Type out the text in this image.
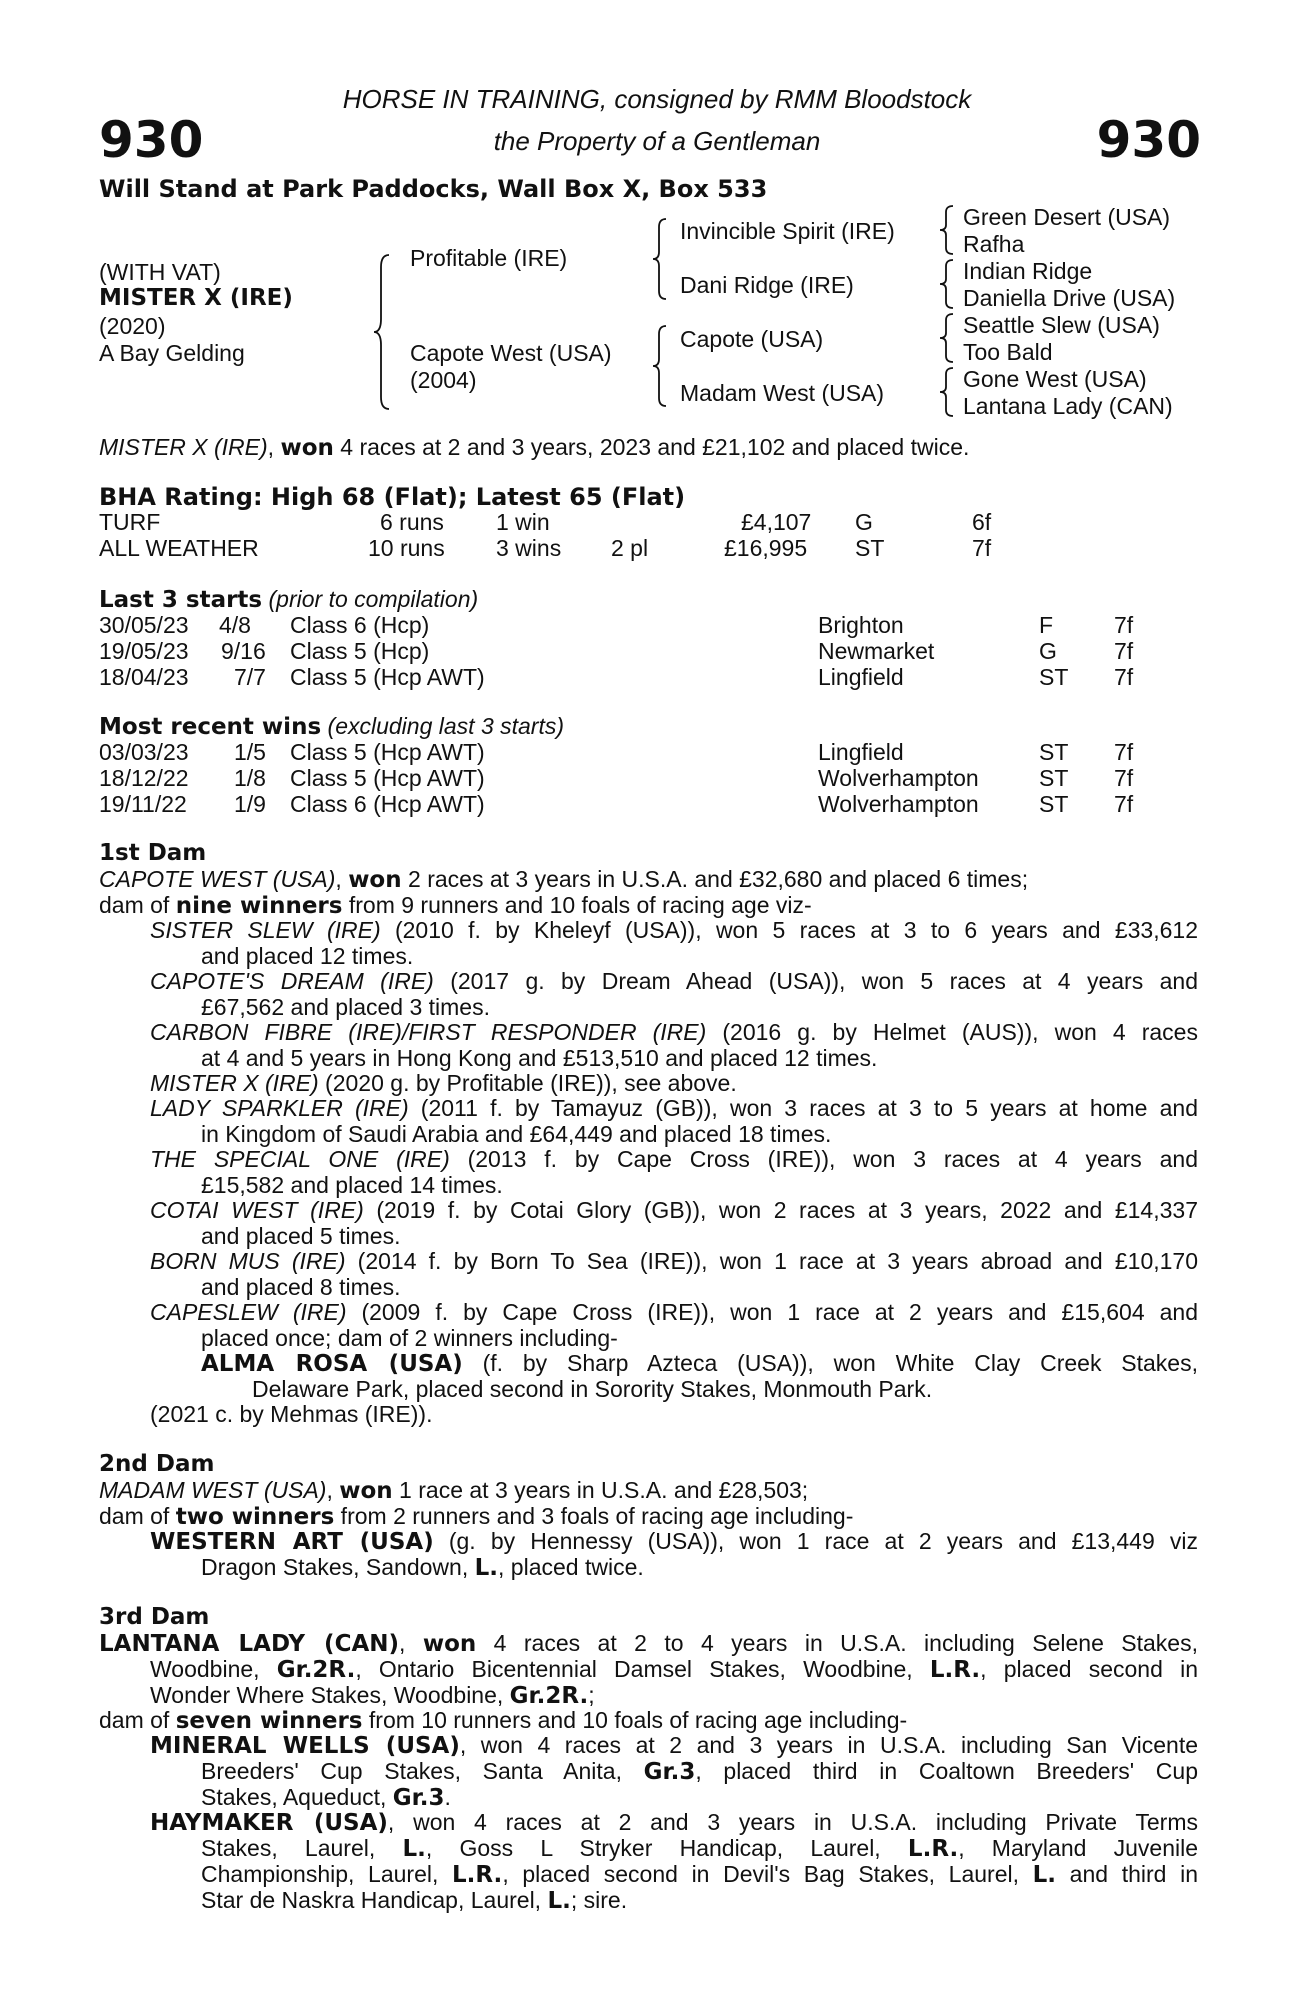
930	930
HORSE IN TRAINING, consigned by RMM Bloodstock
the Property of a Gentleman
Will Stand at Park Paddocks, Wall Box X, Box 533
(WITH VAT)
MISTER X (IRE)
(2020)
A Bay Gelding
Profitable (IRE)
Capote West (USA)
(2004)
Invincible Spirit (IRE)
Dani Ridge (IRE)
Capote (USA)
Madam West (USA)
Green Desert (USA)
Rafha
Indian Ridge
Daniella Drive (USA)
Seattle Slew (USA)
Too Bald
Gone West (USA)
Lantana Lady (CAN)
MISTER X (IRE), won 4 races at 2 and 3 years, 2023 and £21,102 and placed twice.
BHA Rating: High 68 (Flat); Latest 65 (Flat)
TURF	6 runs 1 win	£4,107 G	6f
ALL WEATHER	10 runs 3 wins 2 pl	£16,995 ST	7f
Last 3 starts (prior to compilation)
30/05/23 4/8 Class 6 (Hcp)	Brighton	F	7f
19/05/23 9/16 Class 5 (Hcp)	Newmarket	G 7f
18/04/23 7/7 Class 5 (Hcp AWT)	Lingfield	ST 7f
Most recent wins (excluding last 3 starts)
03/03/23 1/5 Class 5 (Hcp AWT)	Lingfield	ST 7f
18/12/22 1/8 Class 5 (Hcp AWT)	Wolverhampton	ST 7f
19/11/22 1/9 Class 6 (Hcp AWT)	Wolverhampton	ST 7f
1st Dam
CAPOTE WEST (USA), won 2 races at 3 years in U.S.A. and £32,680 and placed 6 times;
dam of nine winners from 9 runners and 10 foals of racing age viz-
SISTER SLEW (IRE) (2010 f. by Kheleyf (USA)), won 5 races at 3 to 6 years and £33,612
and placed 12 times.
CAPOTE'S DREAM (IRE) (2017 g. by Dream Ahead (USA)), won 5 races at 4 years and
£67,562 and placed 3 times.
CARBON FIBRE (IRE)/FIRST RESPONDER (IRE) (2016 g. by Helmet (AUS)), won 4 races
at 4 and 5 years in Hong Kong and £513,510 and placed 12 times.
MISTER X (IRE) (2020 g. by Profitable (IRE)), see above.
LADY SPARKLER (IRE) (2011 f. by Tamayuz (GB)), won 3 races at 3 to 5 years at home and
in Kingdom of Saudi Arabia and £64,449 and placed 18 times.
THE SPECIAL ONE (IRE) (2013 f. by Cape Cross (IRE)), won 3 races at 4 years and
£15,582 and placed 14 times.
COTAI WEST (IRE) (2019 f. by Cotai Glory (GB)), won 2 races at 3 years, 2022 and £14,337
and placed 5 times.
BORN MUS (IRE) (2014 f. by Born To Sea (IRE)), won 1 race at 3 years abroad and £10,170
and placed 8 times.
CAPESLEW (IRE) (2009 f. by Cape Cross (IRE)), won 1 race at 2 years and £15,604 and
placed once; dam of 2 winners including-
ALMA ROSA (USA) (f. by Sharp Azteca (USA)), won White Clay Creek Stakes,
Delaware Park, placed second in Sorority Stakes, Monmouth Park.
(2021 c. by Mehmas (IRE)).
2nd Dam
MADAM WEST (USA), won 1 race at 3 years in U.S.A. and £28,503;
dam of two winners from 2 runners and 3 foals of racing age including-
WESTERN ART (USA) (g. by Hennessy (USA)), won 1 race at 2 years and £13,449 viz
Dragon Stakes, Sandown, L., placed twice.
3rd Dam
LANTANA LADY (CAN), won 4 races at 2 to 4 years in U.S.A. including Selene Stakes,
Woodbine, Gr.2R., Ontario Bicentennial Damsel Stakes, Woodbine, L.R., placed second in
Wonder Where Stakes, Woodbine, Gr.2R.;
dam of seven winners from 10 runners and 10 foals of racing age including-
MINERAL WELLS (USA), won 4 races at 2 and 3 years in U.S.A. including San Vicente
Breeders' Cup Stakes, Santa Anita, Gr.3, placed third in Coaltown Breeders' Cup
Stakes, Aqueduct, Gr.3.
HAYMAKER (USA), won 4 races at 2 and 3 years in U.S.A. including Private Terms
Stakes, Laurel, L., Goss L Stryker Handicap, Laurel, L.R., Maryland Juvenile
Championship, Laurel, L.R., placed second in Devil's Bag Stakes, Laurel, L. and third in
Star de Naskra Handicap, Laurel, L.; sire.
